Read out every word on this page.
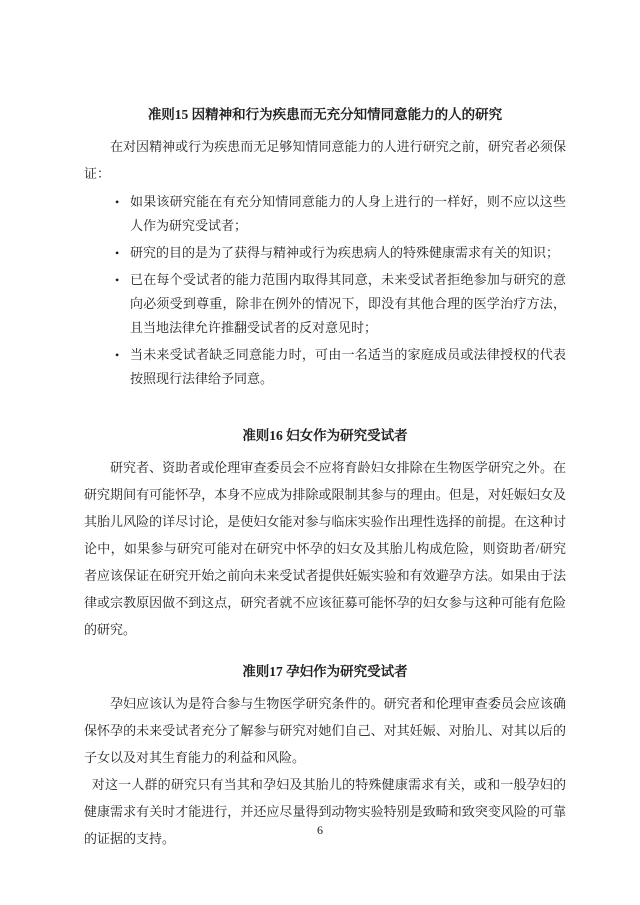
准则15 因精神和行为疾患而无充分知情同意能力的人的研究

在对因精神或行为疾患而无足够知情同意能力的人进行研究之前，研究者必须保证：

• 如果该研究能在有充分知情同意能力的人身上进行的一样好，则不应以这些人作为研究受试者；
• 研究的目的是为了获得与精神或行为疾患病人的特殊健康需求有关的知识；
• 已在每个受试者的能力范围内取得其同意，未来受试者拒绝参加与研究的意向必须受到尊重，除非在例外的情况下，即没有其他合理的医学治疗方法，且当地法律允许推翻受试者的反对意见时；
• 当未来受试者缺乏同意能力时，可由一名适当的家庭成员或法律授权的代表按照现行法律给予同意。
准则16 妇女作为研究受试者

研究者、资助者或伦理审查委员会不应将育龄妇女排除在生物医学研究之外。在研究期间有可能怀孕，本身不应成为排除或限制其参与的理由。但是，对妊娠妇女及其胎儿风险的详尽讨论，是使妇女能对参与临床实验作出理性选择的前提。在这种讨论中，如果参与研究可能对在研究中怀孕的妇女及其胎儿构成危险，则资助者/研究者应该保证在研究开始之前向未来受试者提供妊娠实验和有效避孕方法。如果由于法律或宗教原因做不到这点，研究者就不应该征募可能怀孕的妇女参与这种可能有危险的研究。

准则17 孕妇作为研究受试者

孕妇应该认为是符合参与生物医学研究条件的。研究者和伦理审查委员会应该确保怀孕的未来受试者充分了解参与研究对她们自己、对其妊娠、对胎儿、对其以后的子女以及对其生育能力的利益和风险。

对这一人群的研究只有当其和孕妇及其胎儿的特殊健康需求有关，或和一般孕妇的健康需求有关时才能进行，并还应尽量得到动物实验特别是致畸和致突变风险的可靠的证据的支持。

6
